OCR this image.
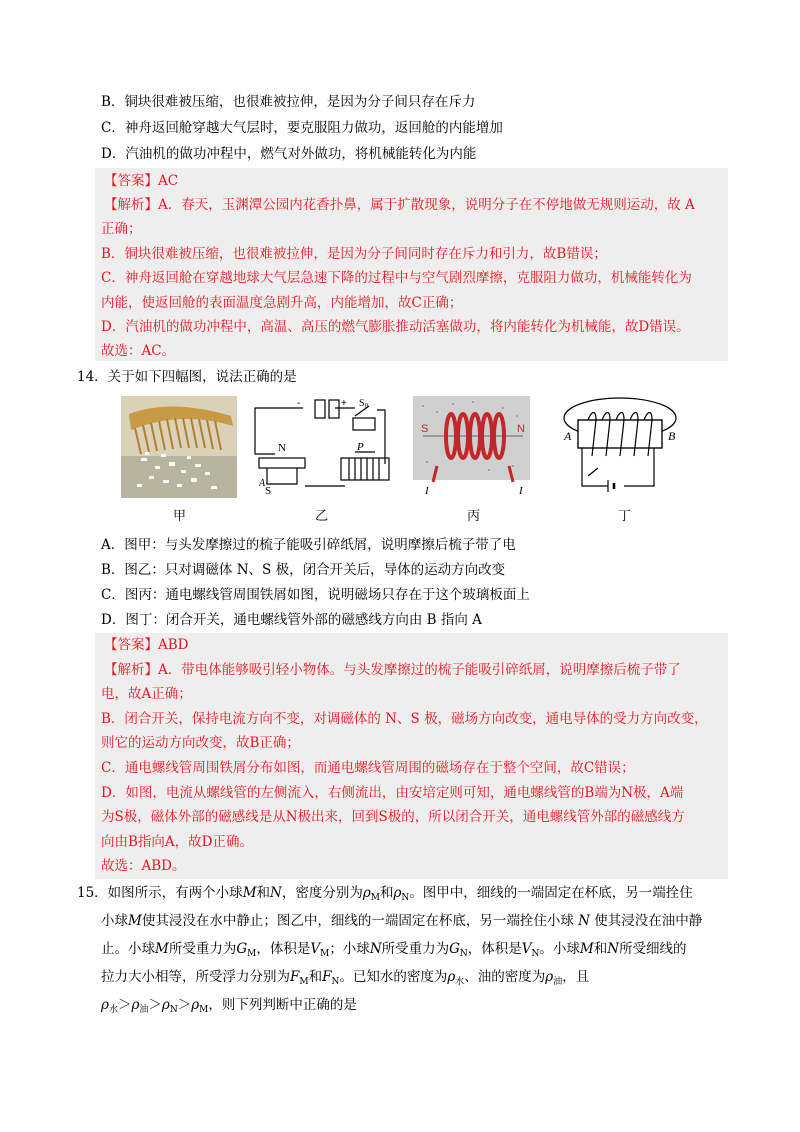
B．铜块很难被压缩，也很难被拉伸，是因为分子间只存在斥力
C．神舟返回舱穿越大气层时，要克服阻力做功，返回舱的内能增加
D．汽油机的做功冲程中，燃气对外做功，将机械能转化为内能
【答案】AC
【解析】A．春天，玉渊潭公园内花香扑鼻，属于扩散现象，说明分子在不停地做无规则运动，故 A
正确；
B．铜块很难被压缩，也很难被拉伸，是因为分子间同时存在斥力和引力，故B错误；
C．神舟返回舱在穿越地球大气层急速下降的过程中与空气剧烈摩擦，克服阻力做功，机械能转化为
内能，使返回舱的表面温度急剧升高，内能增加，故C正确；
D．汽油机的做功冲程中，高温、高压的燃气膨胀推动活塞做功，将内能转化为机械能，故D错误。
故选：AC。
14．关于如下四幅图，说法正确的是
N
S
A
P
$S_0$
-	+
S	N
I	I
A	B
甲	乙	丙	丁
A．图甲：与头发摩擦过的梳子能吸引碎纸屑，说明摩擦后梳子带了电
B．图乙：只对调磁体 N、S 极，闭合开关后，导体的运动方向改变
C．图丙：通电螺线管周围铁屑如图，说明磁场只存在于这个玻璃板面上
D．图丁：闭合开关，通电螺线管外部的磁感线方向由 B 指向 A
【答案】ABD
【解析】A．带电体能够吸引轻小物体。与头发摩擦过的梳子能吸引碎纸屑，说明摩擦后梳子带了
电，故A正确；
B．闭合开关，保持电流方向不变，对调磁体的 N、S 极，磁场方向改变，通电导体的受力方向改变，
则它的运动方向改变，故B正确；
C．通电螺线管周围铁屑分布如图，而通电螺线管周围的磁场存在于整个空间，故C错误；
D．如图，电流从螺线管的左侧流入，右侧流出，由安培定则可知，通电螺线管的B端为N极，A端
为S极，磁体外部的磁感线是从N极出来，回到S极的，所以闭合开关，通电螺线管外部的磁感线方
向由B指向A，故D正确。
故选：ABD。
15．如图所示，有两个小球M和N，密度分别为$\rho_M$和$\rho_N$。图甲中，细线的一端固定在杯底，另一端拴住
小球M使其浸没在水中静止；图乙中，细线的一端固定在杯底，另一端拴住小球 N 使其浸没在油中静
止。小球M所受重力为$G_M$，体积是$V_M$；小球N所受重力为$G_N$，体积是$V_N$。小球M和N所受细线的
拉力大小相等，所受浮力分别为$F_M$和$F_N$。已知水的密度为$\rho_水$、油的密度为$\rho_油$，且
$\rho_水>\rho_油>\rho_N>\rho_M$，则下列判断中正确的是
